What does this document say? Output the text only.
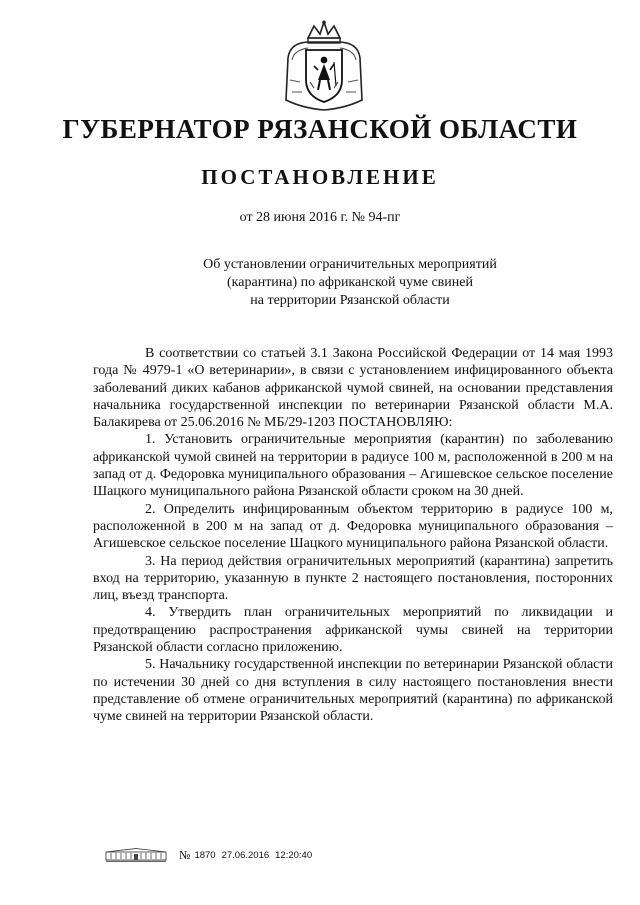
ГУБЕРНАТОР РЯЗАНСКОЙ ОБЛАСТИ
ПОСТАНОВЛЕНИЕ
от 28 июня 2016 г. № 94-пг
Об установлении ограничительных мероприятий
(карантина) по африканской чуме свиней
на территории Рязанской области

В соответствии со статьей 3.1 Закона Российской Федерации от 14 мая 1993 года № 4979-1 «О ветеринарии», в связи с установлением инфицированного объекта заболеваний диких кабанов африканской чумой свиней, на основании представления начальника государственной инспекции по ветеринарии Рязанской области М.А. Балакирева от 25.06.2016 № МБ/29-1203 ПОСТАНОВЛЯЮ:

1. Установить ограничительные мероприятия (карантин) по заболеванию африканской чумой свиней на территории в радиусе 100 м, расположенной в 200 м на запад от д. Федоровка муниципального образования – Агишевское сельское поселение Шацкого муниципального района Рязанской области сроком на 30 дней.

2. Определить инфицированным объектом территорию в радиусе 100 м, расположенной в 200 м на запад от д. Федоровка муниципального образования – Агишевское сельское поселение Шацкого муниципального района Рязанской области.

3. На период действия ограничительных мероприятий (карантина) запретить вход на территорию, указанную в пункте 2 настоящего постановления, посторонних лиц, въезд транспорта.

4. Утвердить план ограничительных мероприятий по ликвидации и предотвращению распространения африканской чумы свиней на территории Рязанской области согласно приложению.

5. Начальнику государственной инспекции по ветеринарии Рязанской области по истечении 30 дней со дня вступления в силу настоящего постановления внести представление об отмене ограничительных мероприятий (карантина) по африканской чуме свиней на территории Рязанской области.

№ 1870 27.06.2016 12:20:40
